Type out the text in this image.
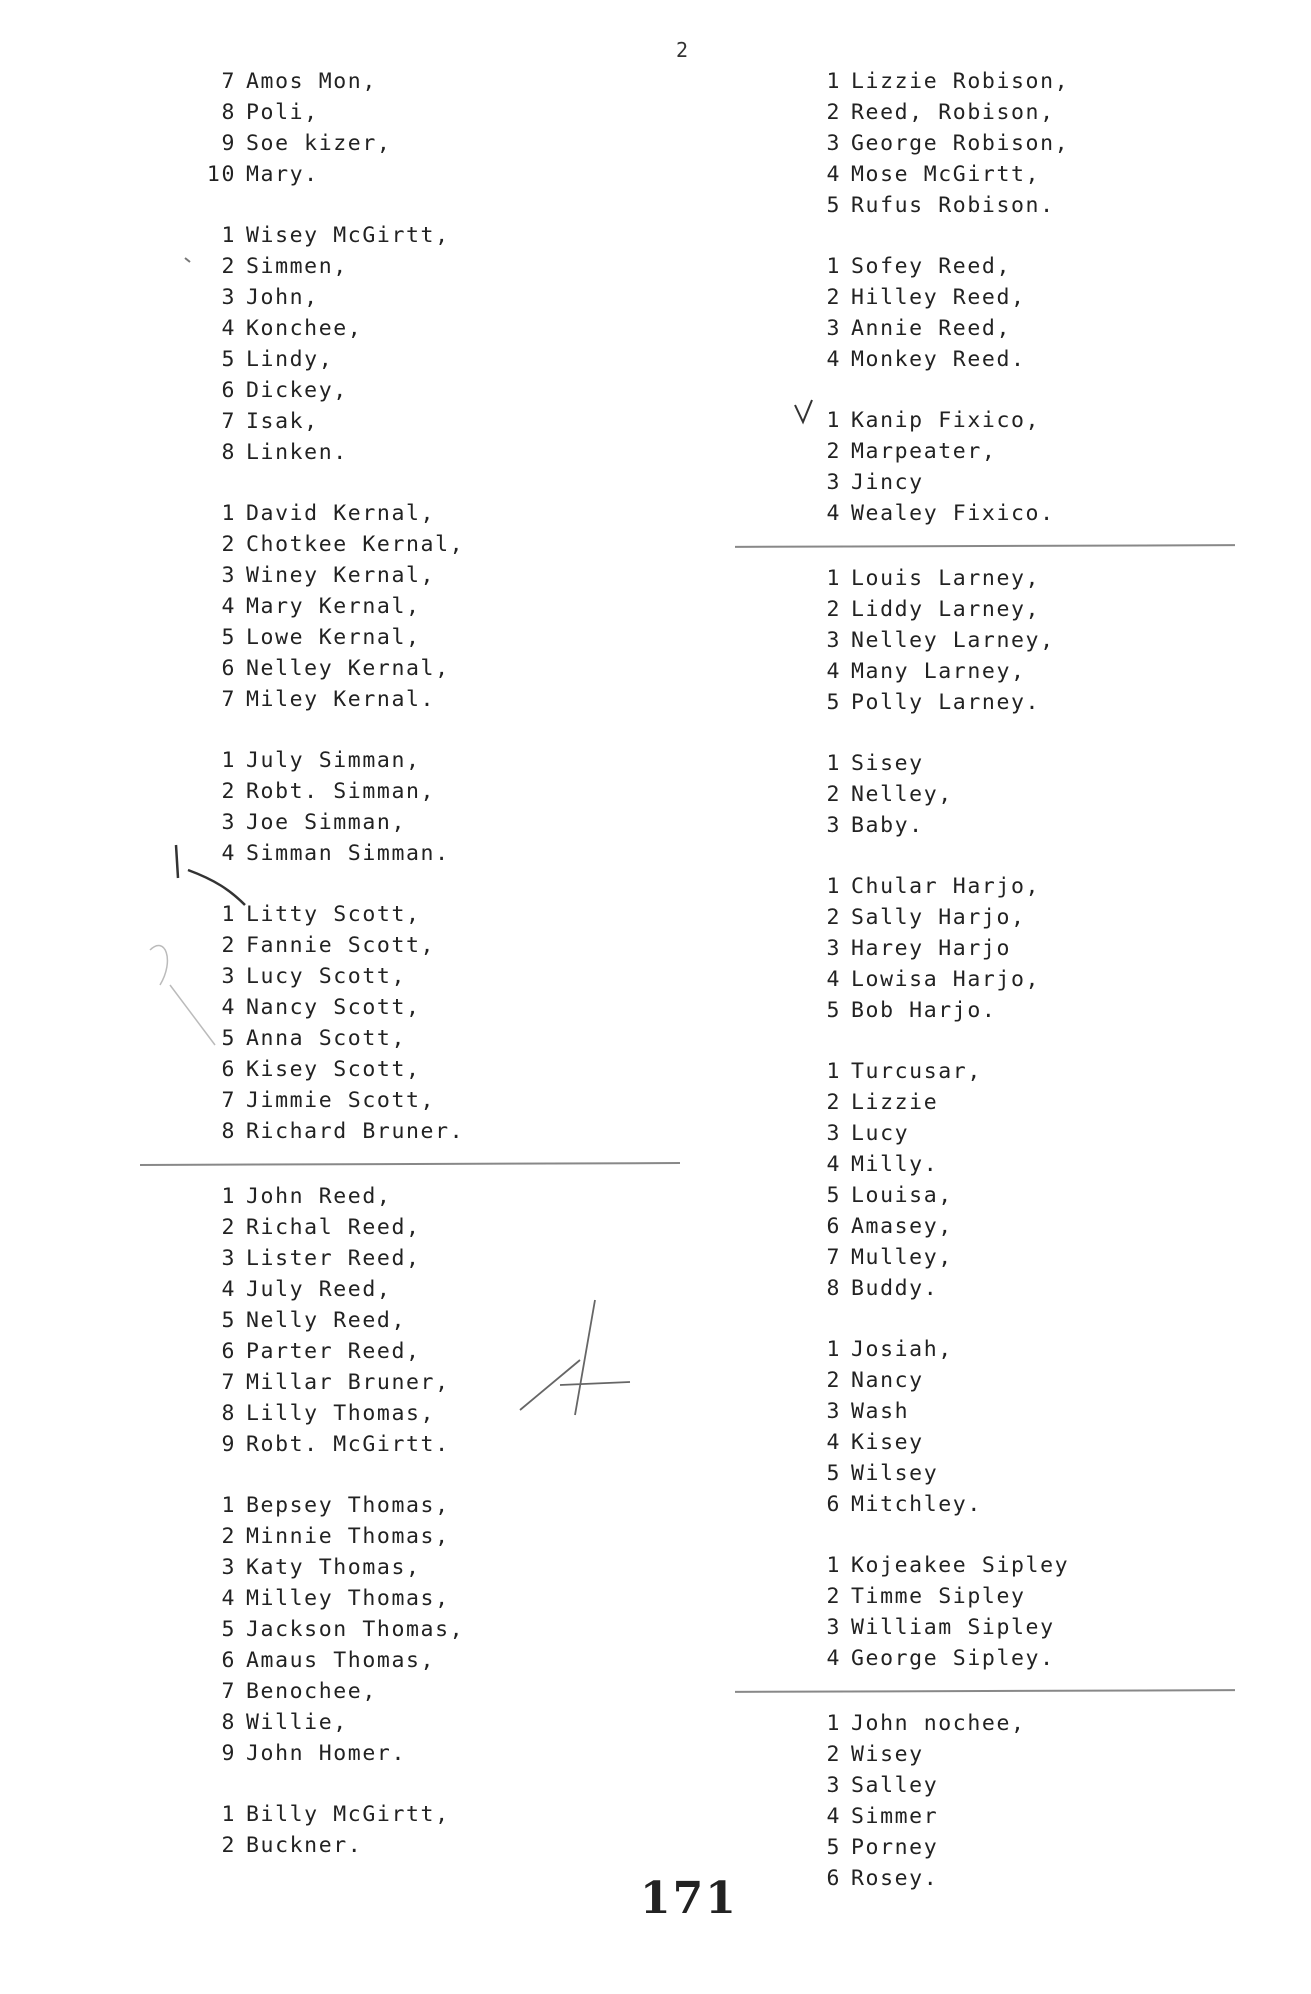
2
7 Amos Mon,
8 Poli,
9 Soe kizer,
10 Mary.
1 Wisey McGirtt,
2 Simmen,
3 John,
4 Konchee,
5 Lindy,
6 Dickey,
7 Isak,
8 Linken.
1 David Kernal,
2 Chotkee Kernal,
3 Winey Kernal,
4 Mary Kernal,
5 Lowe Kernal,
6 Nelley Kernal,
7 Miley Kernal.
1 July Simman,
2 Robt. Simman,
3 Joe Simman,
4 Simman Simman.
1 Litty Scott,
2 Fannie Scott,
3 Lucy Scott,
4 Nancy Scott,
5 Anna Scott,
6 Kisey Scott,
7 Jimmie Scott,
8 Richard Bruner.
1 John Reed,
2 Richal Reed,
3 Lister Reed,
4 July Reed,
5 Nelly Reed,
6 Parter Reed,
7 Millar Bruner,
8 Lilly Thomas,
9 Robt. McGirtt.
1 Bepsey Thomas,
2 Minnie Thomas,
3 Katy Thomas,
4 Milley Thomas,
5 Jackson Thomas,
6 Amaus Thomas,
7 Benochee,
8 Willie,
9 John Homer.
1 Billy McGirtt,
2 Buckner.
1 Lizzie Robison,
2 Reed, Robison,
3 George Robison,
4 Mose McGirtt,
5 Rufus Robison.
1 Sofey Reed,
2 Hilley Reed,
3 Annie Reed,
4 Monkey Reed.
1 Kanip Fixico,
2 Marpeater,
3 Jincy
4 Wealey Fixico.
1 Louis Larney,
2 Liddy Larney,
3 Nelley Larney,
4 Many Larney,
5 Polly Larney.
1 Sisey
2 Nelley,
3 Baby.
1 Chular Harjo,
2 Sally Harjo,
3 Harey Harjo
4 Lowisa Harjo,
5 Bob Harjo.
1 Turcusar,
2 Lizzie
3 Lucy
4 Milly.
5 Louisa,
6 Amasey,
7 Mulley,
8 Buddy.
1 Josiah,
2 Nancy
3 Wash
4 Kisey
5 Wilsey
6 Mitchley.
1 Kojeakee Sipley
2 Timme Sipley
3 William Sipley
4 George Sipley.
1 John nochee,
2 Wisey
3 Salley
4 Simmer
5 Porney
6 Rosey.
171
